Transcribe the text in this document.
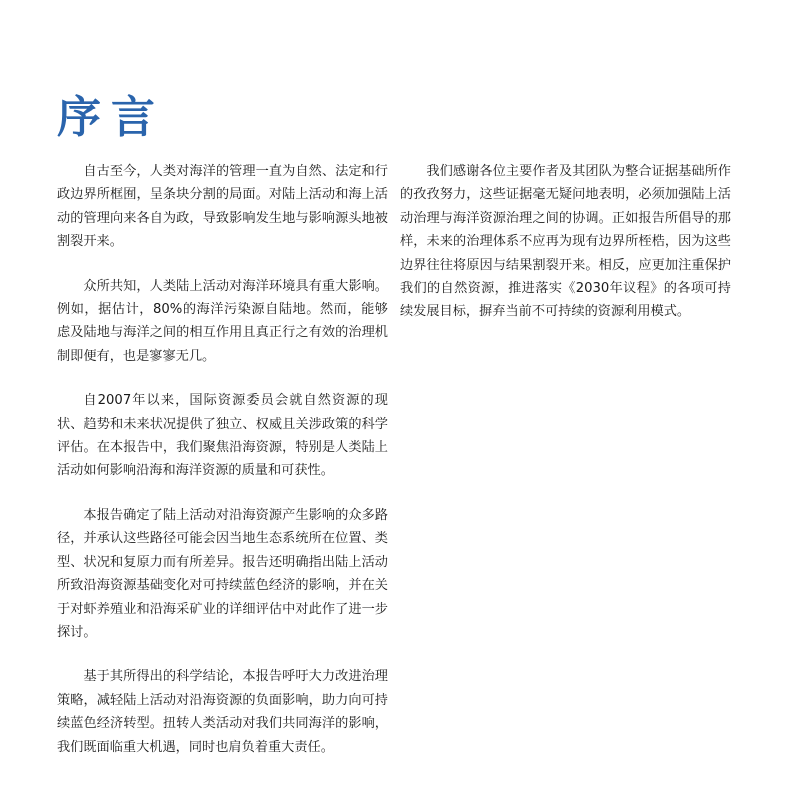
序言

自古至今，人类对海洋的管理一直为自然、法定和行政边界所框囿，呈条块分割的局面。对陆上活动和海上活动的管理向来各自为政，导致影响发生地与影响源头地被割裂开来。

众所共知，人类陆上活动对海洋环境具有重大影响。例如，据估计，80%的海洋污染源自陆地。然而，能够虑及陆地与海洋之间的相互作用且真正行之有效的治理机制即便有，也是寥寥无几。

自2007年以来，国际资源委员会就自然资源的现状、趋势和未来状况提供了独立、权威且关涉政策的科学评估。在本报告中，我们聚焦沿海资源，特别是人类陆上活动如何影响沿海和海洋资源的质量和可获性。

本报告确定了陆上活动对沿海资源产生影响的众多路径，并承认这些路径可能会因当地生态系统所在位置、类型、状况和复原力而有所差异。报告还明确指出陆上活动所致沿海资源基础变化对可持续蓝色经济的影响，并在关于对虾养殖业和沿海采矿业的详细评估中对此作了进一步探讨。

基于其所得出的科学结论，本报告呼吁大力改进治理策略，减轻陆上活动对沿海资源的负面影响，助力向可持续蓝色经济转型。扭转人类活动对我们共同海洋的影响，我们既面临重大机遇，同时也肩负着重大责任。

我们感谢各位主要作者及其团队为整合证据基础所作的孜孜努力，这些证据毫无疑问地表明，必须加强陆上活动治理与海洋资源治理之间的协调。正如报告所倡导的那样，未来的治理体系不应再为现有边界所桎梏，因为这些边界往往将原因与结果割裂开来。相反，应更加注重保护我们的自然资源，推进落实《2030年议程》的各项可持续发展目标，摒弃当前不可持续的资源利用模式。
